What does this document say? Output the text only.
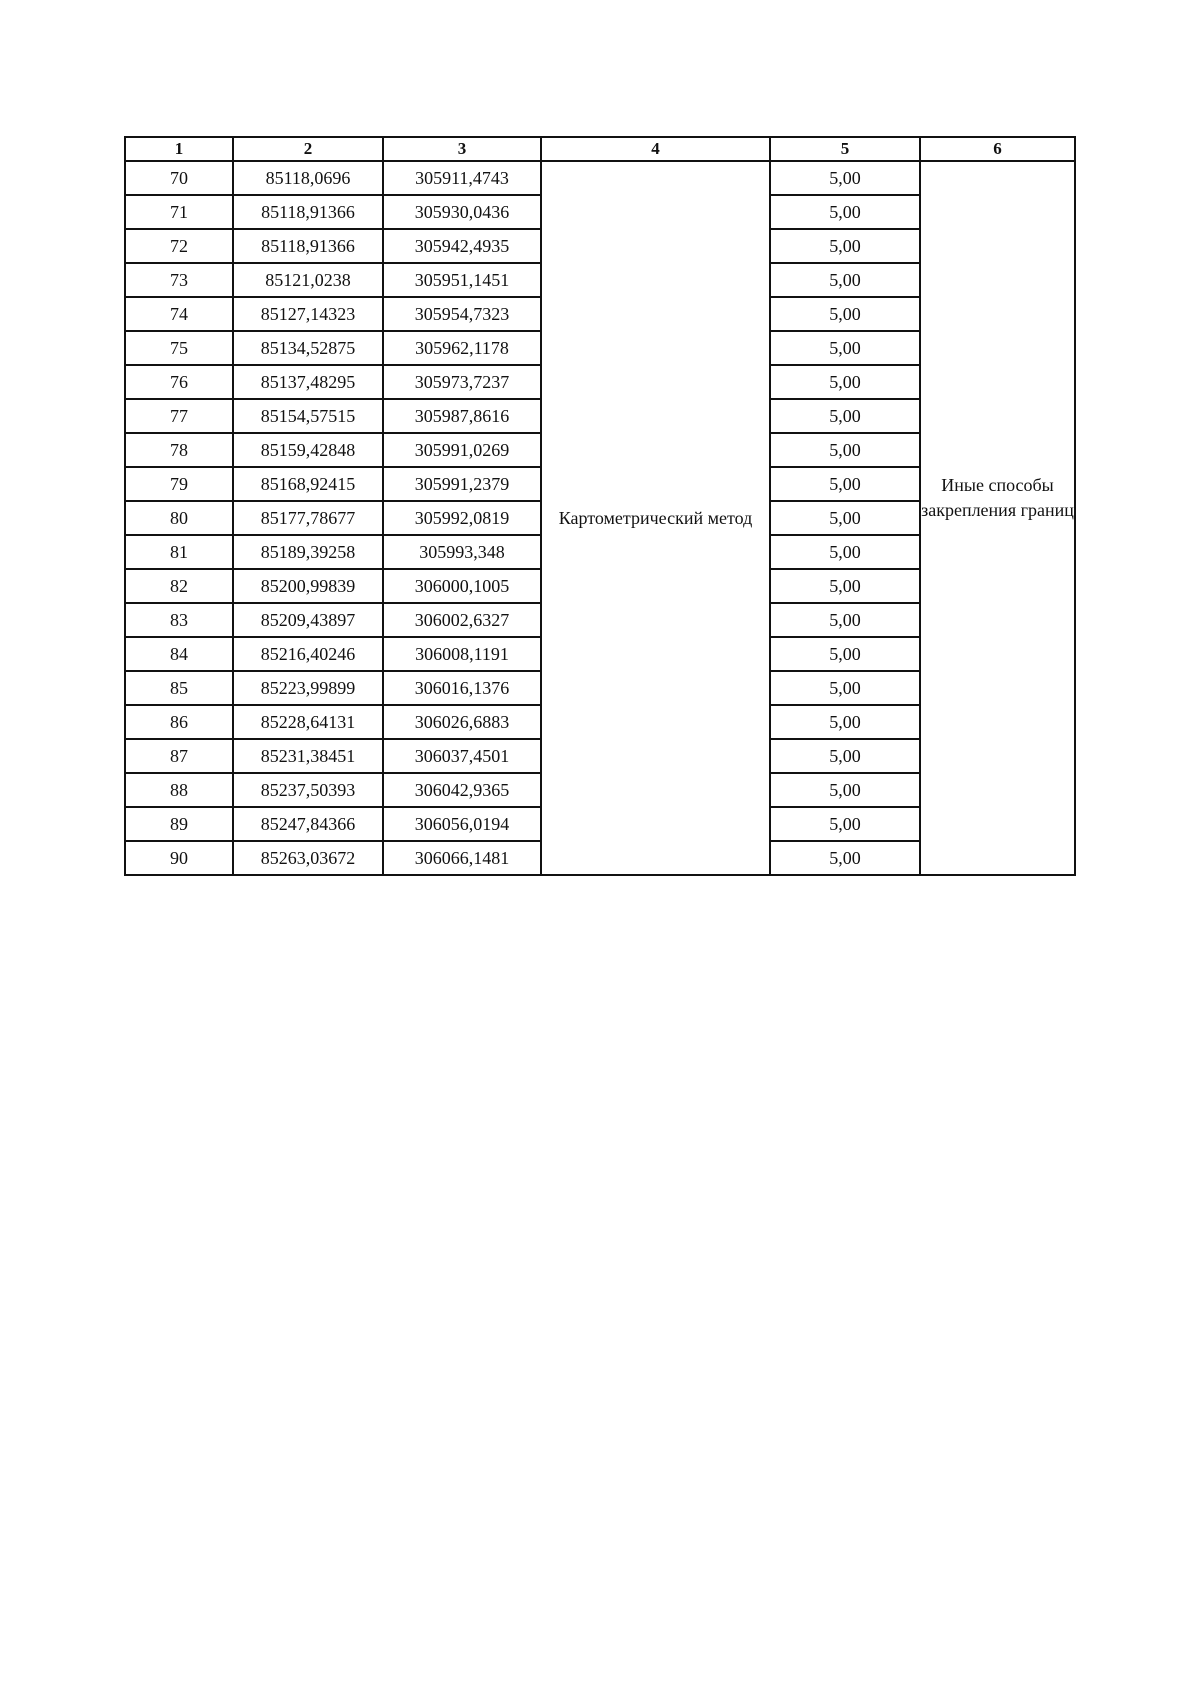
1	2	3	4	5	6
70	85118,0696	305911,4743	Картометрический метод	5,00	Иные способы закрепления границ
71	85118,91366	305930,0436		5,00	
72	85118,91366	305942,4935		5,00	
73	85121,0238	305951,1451		5,00	
74	85127,14323	305954,7323		5,00	
75	85134,52875	305962,1178		5,00	
76	85137,48295	305973,7237		5,00	
77	85154,57515	305987,8616		5,00	
78	85159,42848	305991,0269		5,00	
79	85168,92415	305991,2379		5,00	
80	85177,78677	305992,0819		5,00	
81	85189,39258	305993,348		5,00	
82	85200,99839	306000,1005		5,00	
83	85209,43897	306002,6327		5,00	
84	85216,40246	306008,1191		5,00	
85	85223,99899	306016,1376		5,00	
86	85228,64131	306026,6883		5,00	
87	85231,38451	306037,4501		5,00	
88	85237,50393	306042,9365		5,00	
89	85247,84366	306056,0194		5,00	
90	85263,03672	306066,1481		5,00	
